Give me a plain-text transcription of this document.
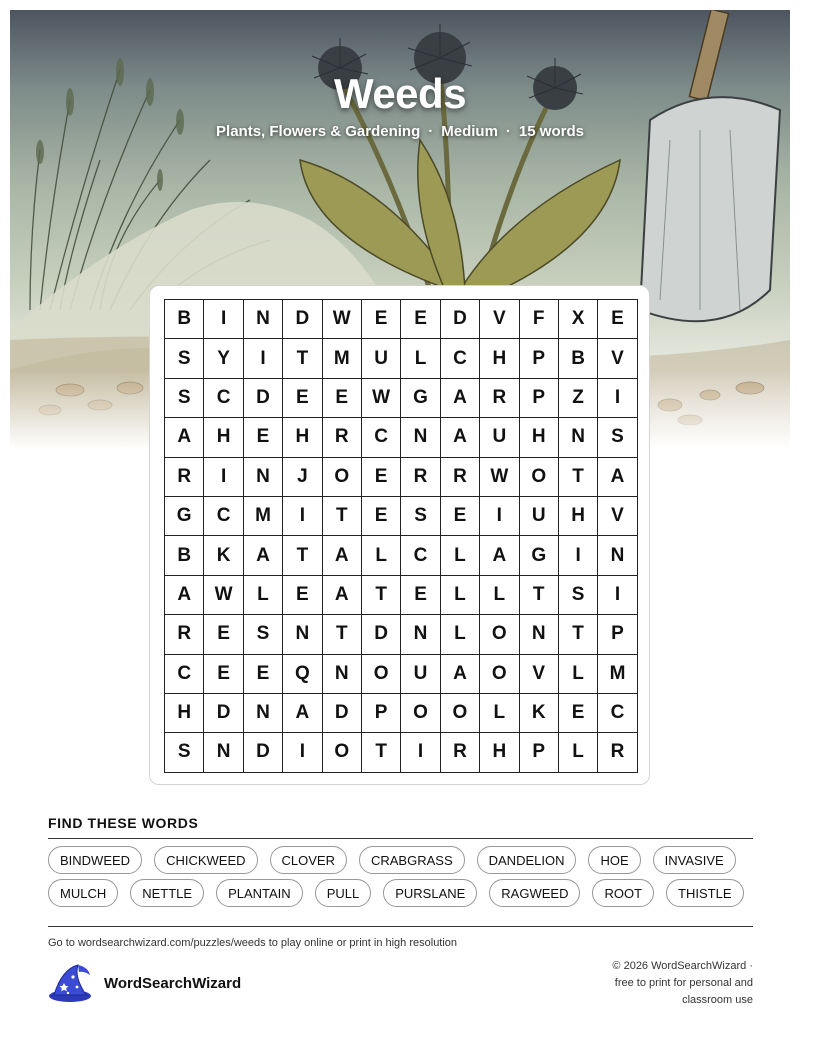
Weeds
Plants, Flowers & Gardening · Medium · 15 words
B	I	N	D	W	E	E	D	V	F	X	E
S	Y	I	T	M	U	L	C	H	P	B	V
S	C	D	E	E	W	G	A	R	P	Z	I
A	H	E	H	R	C	N	A	U	H	N	S
R	I	N	J	O	E	R	R	W	O	T	A
G	C	M	I	T	E	S	E	I	U	H	V
B	K	A	T	A	L	C	L	A	G	I	N
A	W	L	E	A	T	E	L	L	T	S	I
R	E	S	N	T	D	N	L	O	N	T	P
C	E	E	Q	N	O	U	A	O	V	L	M
H	D	N	A	D	P	O	O	L	K	E	C
S	N	D	I	O	T	I	R	H	P	L	R
FIND THESE WORDS
BINDWEED	CHICKWEED	CLOVER	CRABGRASS	DANDELION	HOE	INVASIVE
MULCH	NETTLE	PLANTAIN	PULL	PURSLANE	RAGWEED	ROOT	THISTLE
Go to wordsearchwizard.com/puzzles/weeds to play online or print in high resolution
WordSearchWizard
© 2026 WordSearchWizard ·
free to print for personal and
classroom use
